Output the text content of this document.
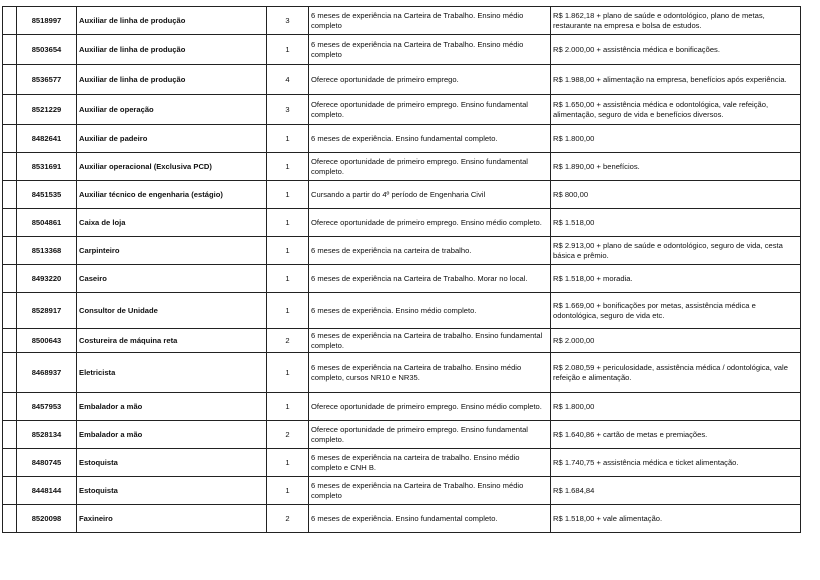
	8518997	Auxiliar de linha de produção	3	6 meses de experiência na Carteira de Trabalho. Ensino médio completo	R$ 1.862,18 + plano de saúde e odontológico, plano de metas, restaurante na empresa e bolsa de estudos.
	8503654	Auxiliar de linha de produção	1	6 meses de experiência na Carteira de Trabalho. Ensino médio completo	R$ 2.000,00 + assistência médica e bonificações.
	8536577	Auxiliar de linha de produção	4	Oferece oportunidade de primeiro emprego.	R$ 1.988,00 + alimentação na empresa, benefícios após experiência.
	8521229	Auxiliar de operação	3	Oferece oportunidade de primeiro emprego. Ensino fundamental completo.	R$ 1.650,00 + assistência médica e odontológica, vale refeição, alimentação, seguro de vida e benefícios diversos.
	8482641	Auxiliar de padeiro	1	6 meses de experiência. Ensino fundamental completo.	R$ 1.800,00
	8531691	Auxiliar operacional (Exclusiva PCD)	1	Oferece oportunidade de primeiro emprego. Ensino fundamental completo.	R$ 1.890,00 + benefícios.
	8451535	Auxiliar técnico de engenharia (estágio)	1	Cursando a partir do 4º período de Engenharia Civil	R$ 800,00
	8504861	Caixa de loja	1	Oferece oportunidade de primeiro emprego. Ensino médio completo.	R$ 1.518,00
	8513368	Carpinteiro	1	6 meses de experiência na carteira de trabalho.	R$ 2.913,00 + plano de saúde e odontológico, seguro de vida, cesta básica e prêmio.
	8493220	Caseiro	1	6 meses de experiência na Carteira de Trabalho. Morar no local.	R$ 1.518,00 + moradia.
	8528917	Consultor de Unidade	1	6 meses de experiência. Ensino médio completo.	R$ 1.669,00 + bonificações por metas, assistência médica e odontológica, seguro de vida etc.
	8500643	Costureira de máquina reta	2	6 meses de experiência na Carteira de trabalho. Ensino fundamental completo.	R$ 2.000,00
	8468937	Eletricista	1	6 meses de experiência na Carteira de trabalho. Ensino médio completo, cursos NR10 e NR35.	R$ 2.080,59 + periculosidade, assistência médica / odontológica, vale refeição e alimentação.
	8457953	Embalador a mão	1	Oferece oportunidade de primeiro emprego. Ensino médio completo.	R$ 1.800,00
	8528134	Embalador a mão	2	Oferece oportunidade de primeiro emprego. Ensino fundamental completo.	R$ 1.640,86 + cartão de metas e premiações.
	8480745	Estoquista	1	6 meses de experiência na carteira de trabalho. Ensino médio completo e CNH B.	R$ 1.740,75 + assistência médica e ticket alimentação.
	8448144	Estoquista	1	6 meses de experiência na Carteira de Trabalho. Ensino médio completo	R$ 1.684,84
	8520098	Faxineiro	2	6 meses de experiência. Ensino fundamental completo.	R$ 1.518,00 + vale alimentação.
